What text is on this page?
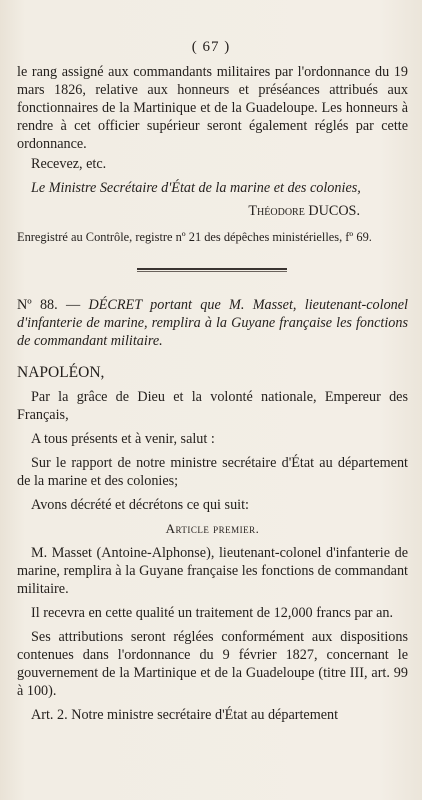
( 67 )

le rang assigné aux commandants militaires par l'ordonnance du 19 mars 1826, relative aux honneurs et préséances attribués aux fonctionnaires de la Martinique et de la Guadeloupe. Les honneurs à rendre à cet officier supérieur seront également réglés par cette ordonnance.

Recevez, etc.

Le Ministre Secrétaire d'État de la marine et des colonies,

Théodore DUCOS.

Enregistré au Contrôle, registre nº 21 des dépêches ministérielles, fº 69.

Nº 88. — DÉCRET portant que M. Masset, lieutenant-colonel d'infanterie de marine, remplira à la Guyane française les fonctions de commandant militaire.

NAPOLÉON,

Par la grâce de Dieu et la volonté nationale, Empereur des Français,

A tous présents et à venir, salut :

Sur le rapport de notre ministre secrétaire d'État au département de la marine et des colonies;

Avons décrété et décrétons ce qui suit:

Article premier.

M. Masset (Antoine-Alphonse), lieutenant-colonel d'infanterie de marine, remplira à la Guyane française les fonctions de commandant militaire.

Il recevra en cette qualité un traitement de 12,000 francs par an.

Ses attributions seront réglées conformément aux dispositions contenues dans l'ordonnance du 9 février 1827, concernant le gouvernement de la Martinique et de la Guadeloupe (titre III, art. 99 à 100).

Art. 2. Notre ministre secrétaire d'État au département
